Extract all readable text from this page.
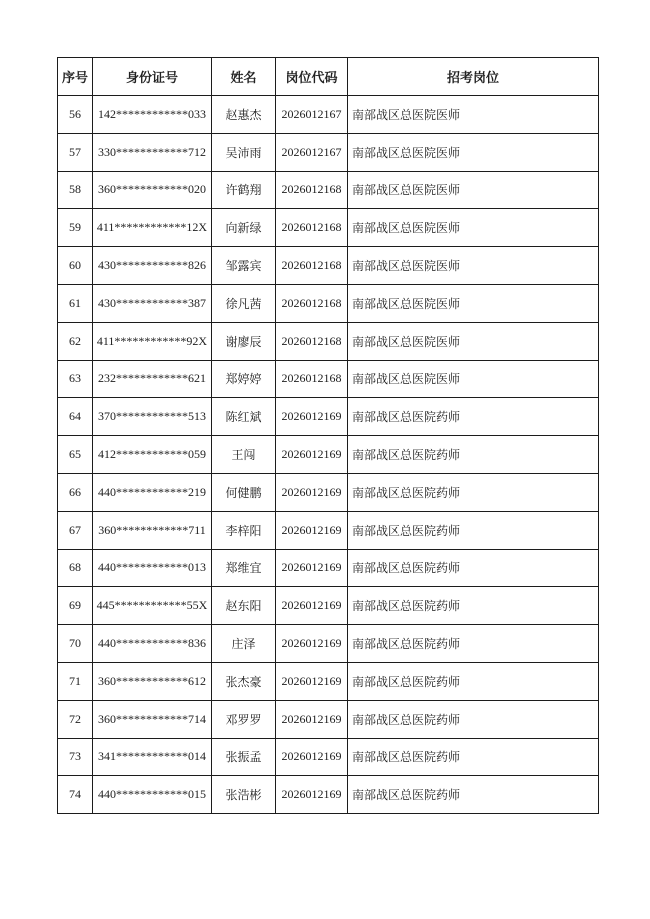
序号	身份证号	姓名	岗位代码	招考岗位
56	142************033	赵惠杰	2026012167	南部战区总医院医师
57	330************712	吴沛雨	2026012167	南部战区总医院医师
58	360************020	许鹤翔	2026012168	南部战区总医院医师
59	411************12X	向新绿	2026012168	南部战区总医院医师
60	430************826	邹露宾	2026012168	南部战区总医院医师
61	430************387	徐凡茜	2026012168	南部战区总医院医师
62	411************92X	谢廖辰	2026012168	南部战区总医院医师
63	232************621	郑婷婷	2026012168	南部战区总医院医师
64	370************513	陈红斌	2026012169	南部战区总医院药师
65	412************059	王闯	2026012169	南部战区总医院药师
66	440************219	何健鹏	2026012169	南部战区总医院药师
67	360************711	李梓阳	2026012169	南部战区总医院药师
68	440************013	郑维宜	2026012169	南部战区总医院药师
69	445************55X	赵东阳	2026012169	南部战区总医院药师
70	440************836	庄泽	2026012169	南部战区总医院药师
71	360************612	张杰豪	2026012169	南部战区总医院药师
72	360************714	邓罗罗	2026012169	南部战区总医院药师
73	341************014	张振孟	2026012169	南部战区总医院药师
74	440************015	张浩彬	2026012169	南部战区总医院药师
